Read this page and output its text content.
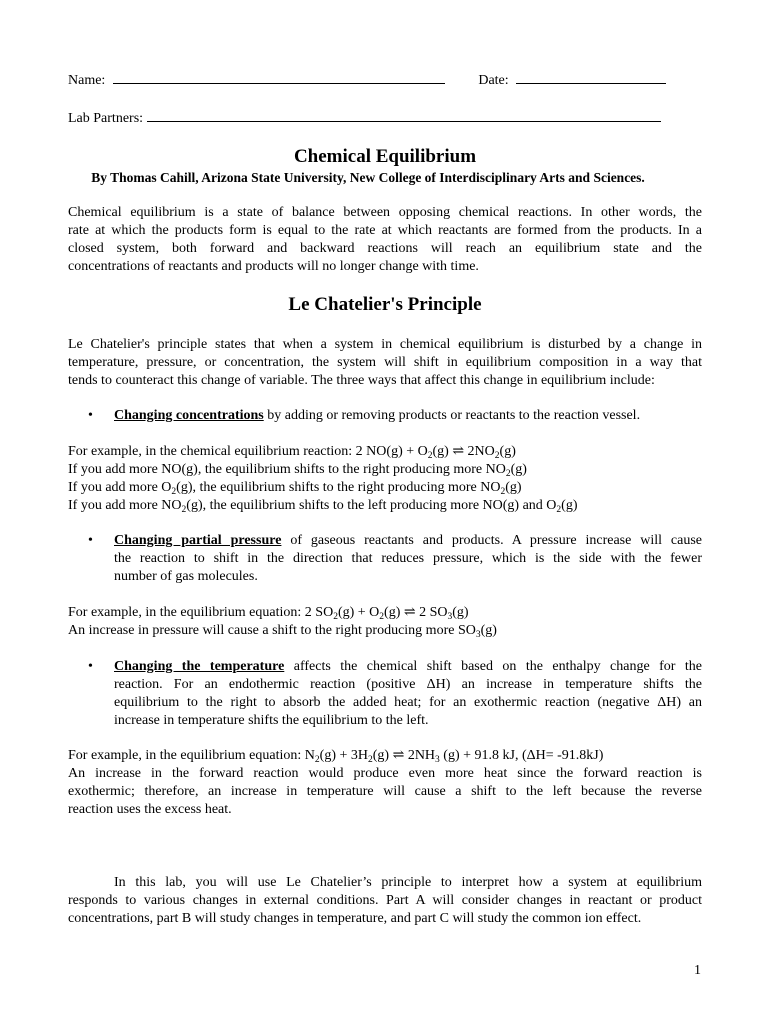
Name:	Date:
Lab Partners:
Chemical Equilibrium
By Thomas Cahill, Arizona State University, New College of Interdisciplinary Arts and Sciences.
Chemical equilibrium is a state of balance between opposing chemical reactions. In other words, the
rate at which the products form is equal to the rate at which reactants are formed from the products. In a
closed system, both forward and backward reactions will reach an equilibrium state and the
concentrations of reactants and products will no longer change with time.
Le Chatelier's Principle
Le Chatelier's principle states that when a system in chemical equilibrium is disturbed by a change in
temperature, pressure, or concentration, the system will shift in equilibrium composition in a way that
tends to counteract this change of variable. The three ways that affect this change in equilibrium include:
• Changing concentrations by adding or removing products or reactants to the reaction vessel.
For example, in the chemical equilibrium reaction: 2 $NO(g) + O_2(g)$ ⇌ $2NO_2(g)$
If you add more NO(g), the equilibrium shifts to the right producing more $NO_2(g)$
If you add more $O_2(g)$, the equilibrium shifts to the right producing more $NO_2(g)$
If you add more $NO_2(g)$, the equilibrium shifts to the left producing more NO(g) and $O_2(g)$
• Changing partial pressure of gaseous reactants and products. A pressure increase will cause
the reaction to shift in the direction that reduces pressure, which is the side with the fewer
number of gas molecules.
For example, in the equilibrium equation: 2 $SO_2(g) + O_2(g)$ ⇌ 2 $SO_3(g)$
An increase in pressure will cause a shift to the right producing more $SO_3(g)$
• Changing the temperature affects the chemical shift based on the enthalpy change for the
reaction. For an endothermic reaction (positive ΔH) an increase in temperature shifts the
equilibrium to the right to absorb the added heat; for an exothermic reaction (negative ΔH) an
increase in temperature shifts the equilibrium to the left.
For example, in the equilibrium equation: $N_2(g) + 3H_2(g)$ ⇌ $2NH_3$ (g) + 91.8 kJ, (ΔH= -91.8kJ)
An increase in the forward reaction would produce even more heat since the forward reaction is
exothermic; therefore, an increase in temperature will cause a shift to the left because the reverse
reaction uses the excess heat.
In this lab, you will use Le Chatelier’s principle to interpret how a system at equilibrium
responds to various changes in external conditions. Part A will consider changes in reactant or product
concentrations, part B will study changes in temperature, and part C will study the common ion effect.
1
